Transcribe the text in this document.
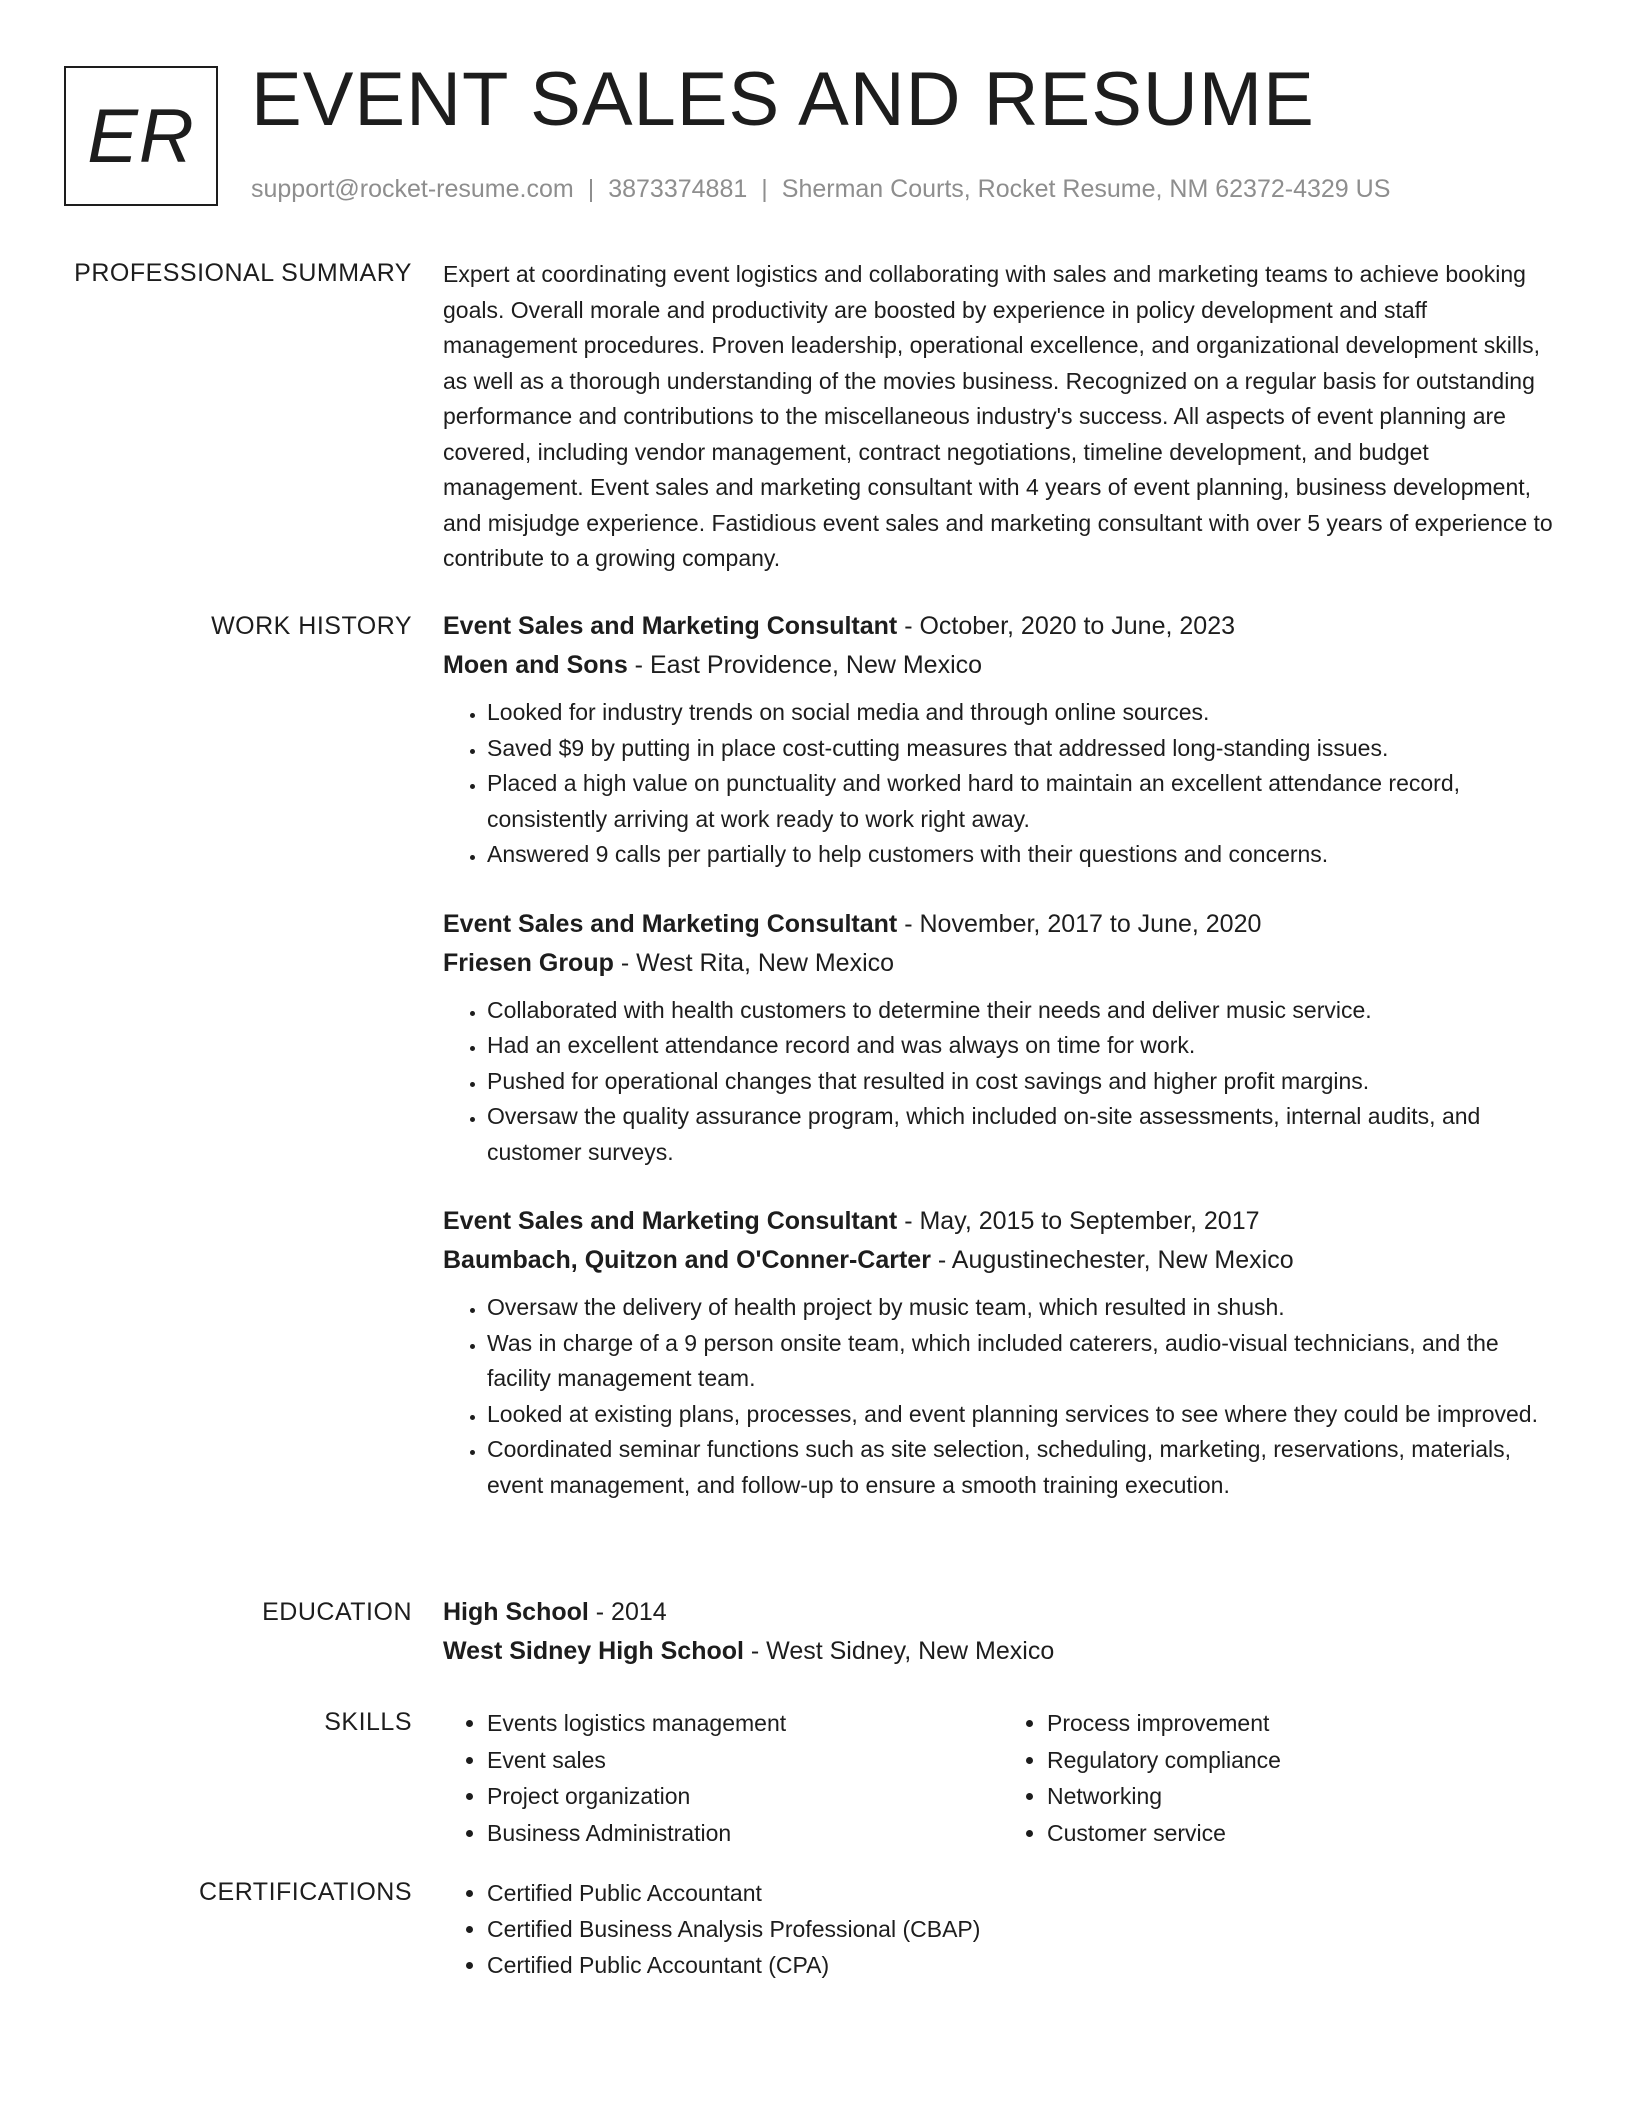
ER EVENT SALES AND RESUME
support@rocket-resume.com | 3873374881 | Sherman Courts, Rocket Resume, NM 62372-4329 US
PROFESSIONAL SUMMARY Expert at coordinating event logistics and collaborating with sales and marketing teams to achieve booking goals. Overall morale and productivity are boosted by experience in policy development and staff management procedures. Proven leadership, operational excellence, and organizational development skills, as well as a thorough understanding of the movies business. Recognized on a regular basis for outstanding performance and contributions to the miscellaneous industry's success. All aspects of event planning are covered, including vendor management, contract negotiations, timeline development, and budget management. Event sales and marketing consultant with 4 years of event planning, business development, and misjudge experience. Fastidious event sales and marketing consultant with over 5 years of experience to contribute to a growing company.

WORK HISTORY Event Sales and Marketing Consultant - October, 2020 to June, 2023
Moen and Sons - East Providence, New Mexico
• Looked for industry trends on social media and through online sources.
• Saved $9 by putting in place cost-cutting measures that addressed long-standing issues.
• Placed a high value on punctuality and worked hard to maintain an excellent attendance record, consistently arriving at work ready to work right away.
• Answered 9 calls per partially to help customers with their questions and concerns.
Event Sales and Marketing Consultant - November, 2017 to June, 2020
Friesen Group - West Rita, New Mexico
• Collaborated with health customers to determine their needs and deliver music service.
• Had an excellent attendance record and was always on time for work.
• Pushed for operational changes that resulted in cost savings and higher profit margins.
• Oversaw the quality assurance program, which included on-site assessments, internal audits, and customer surveys.
Event Sales and Marketing Consultant - May, 2015 to September, 2017
Baumbach, Quitzon and O'Conner-Carter - Augustinechester, New Mexico
• Oversaw the delivery of health project by music team, which resulted in shush.
• Was in charge of a 9 person onsite team, which included caterers, audio-visual technicians, and the facility management team.
• Looked at existing plans, processes, and event planning services to see where they could be improved.
• Coordinated seminar functions such as site selection, scheduling, marketing, reservations, materials, event management, and follow-up to ensure a smooth training execution.
EDUCATION High School - 2014
West Sidney High School - West Sidney, New Mexico
SKILLS	• Events logistics management
• Event sales
• Project organization
• Business Administration
• Process improvement
• Regulatory compliance
• Networking
• Customer service
CERTIFICATIONS	• Certified Public Accountant
• Certified Business Analysis Professional (CBAP)
• Certified Public Accountant (CPA)
